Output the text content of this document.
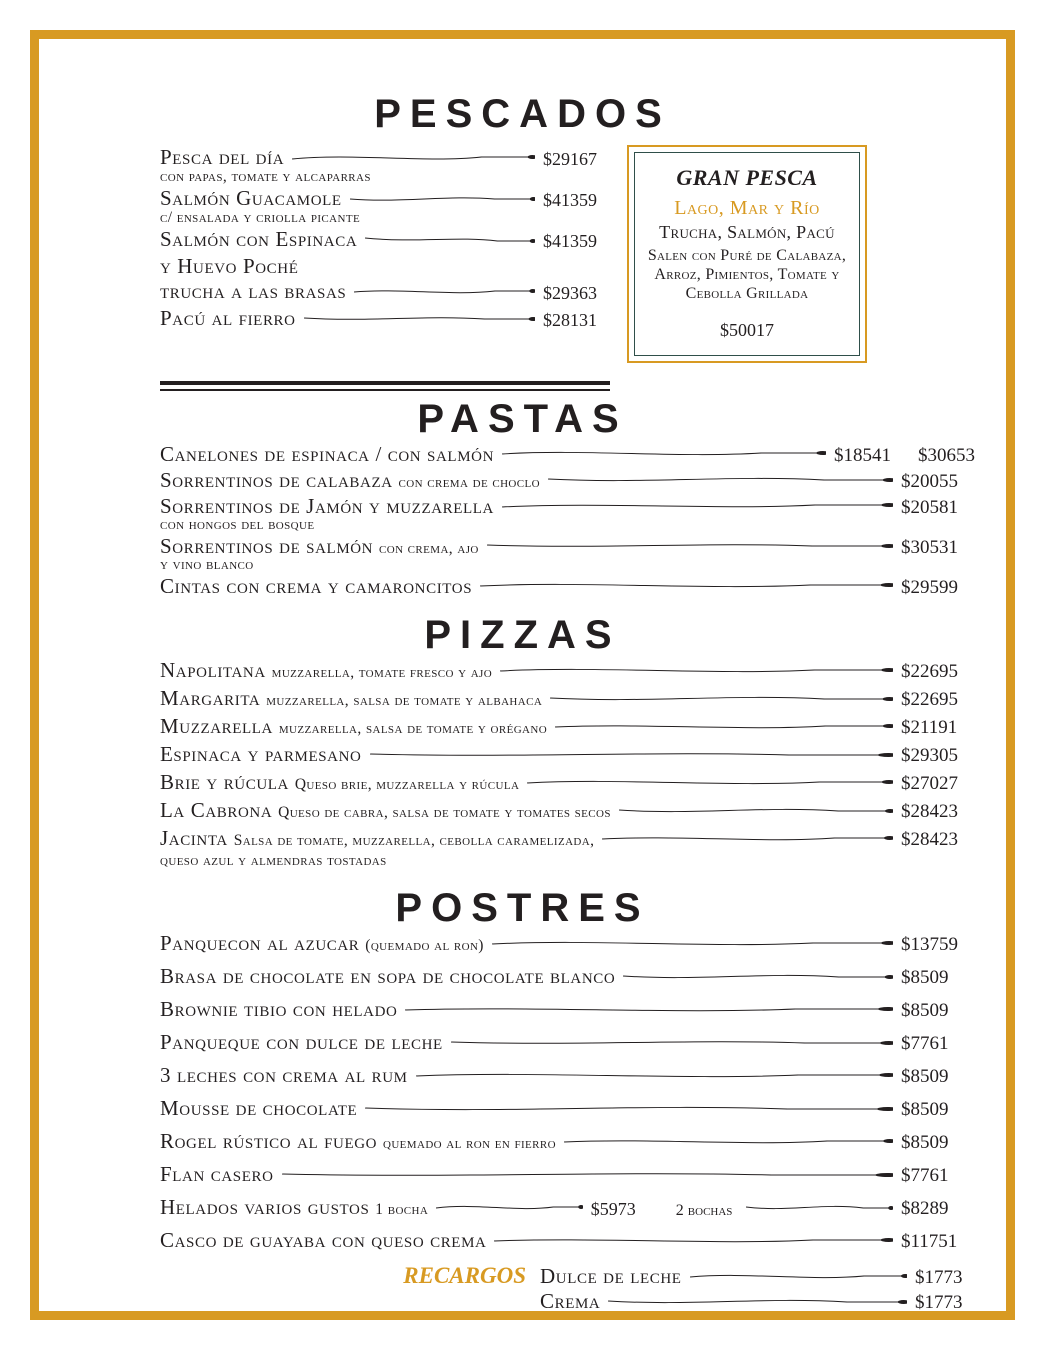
PESCADOS
Pesca del día	$29167
con papas, tomate y alcaparras
Salmón Guacamole	$41359
c/ ensalada y criolla picante
Salmón con Espinaca	$41359
y Huevo Poché
trucha a las brasas	$29363
Pacú al fierro	$28131
GRAN PESCA
Lago, Mar y Río
Trucha, Salmón, Pacú
Salen con Puré de Calabaza, Arroz, Pimientos, Tomate y Cebolla Grillada
$50017
PASTAS
Canelones de espinaca / con salmón	$18541	$30653
Sorrentinos de calabaza con crema de choclo	$20055
Sorrentinos de Jamón y muzzarella	$20581
con hongos del bosque
Sorrentinos de salmón con crema, ajo	$30531
y vino blanco
Cintas con crema y camaroncitos	$29599
PIZZAS
Napolitana muzzarella, tomate fresco y ajo	$22695
Margarita muzzarella, salsa de tomate y albahaca	$22695
Muzzarella muzzarella, salsa de tomate y orégano	$21191
Espinaca y parmesano	$29305
Brie y rúcula Queso brie, muzzarella y rúcula	$27027
La Cabrona Queso de cabra, salsa de tomate y tomates secos	$28423
Jacinta Salsa de tomate, muzzarella, cebolla caramelizada,	$28423
queso azul y almendras tostadas
POSTRES
Panquecon al azucar (quemado al ron)	$13759
Brasa de chocolate en sopa de chocolate blanco	$8509
Brownie tibio con helado	$8509
Panqueque con dulce de leche	$7761
3 leches con crema al rum	$8509
Mousse de chocolate	$8509
Rogel rústico al fuego quemado al ron en fierro	$8509
Flan casero	$7761
Helados varios gustos 1 bocha	$5973	2 bochas	$8289
Casco de guayaba con queso crema	$11751
RECARGOS Dulce de leche	$1773
Crema	$1773
